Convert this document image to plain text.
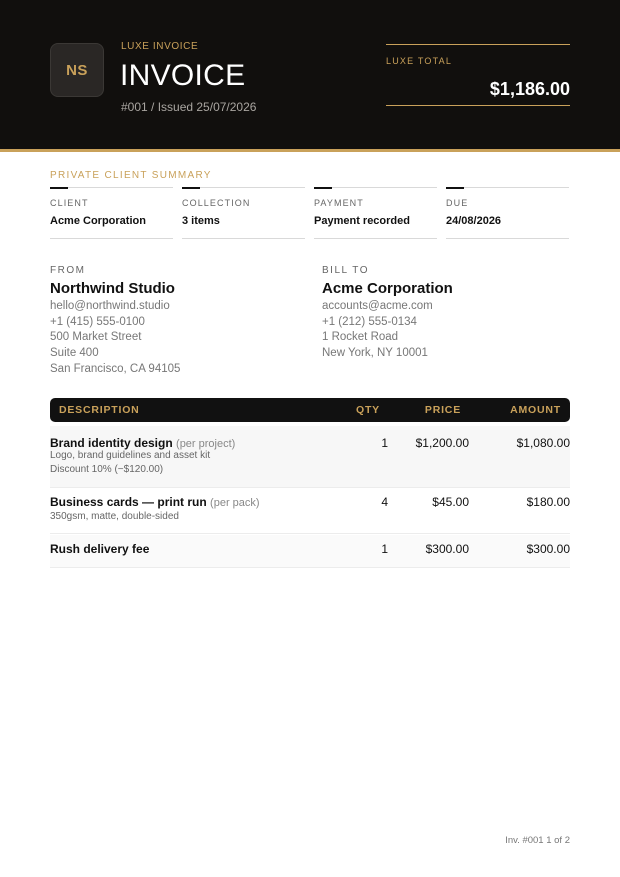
NS
LUXE INVOICE
INVOICE
#001 / Issued 25/07/2026
LUXE TOTAL
$1,186.00
PRIVATE CLIENT SUMMARY
CLIENT
Acme Corporation
COLLECTION
3 items
PAYMENT
Payment recorded
DUE
24/08/2026
FROM
Northwind Studio
hello@northwind.studio
+1 (415) 555-0100
500 Market Street
Suite 400
San Francisco, CA 94105
BILL TO
Acme Corporation
accounts@acme.com
+1 (212) 555-0134
1 Rocket Road
New York, NY 10001
DESCRIPTION	QTY	PRICE	AMOUNT
Brand identity design (per project)
Logo, brand guidelines and asset kit
Discount 10% (−$120.00)
1 $1,200.00	$1,080.00
Business cards — print run (per pack)
350gsm, matte, double-sided
4	$45.00	$180.00
Rush delivery fee	1	$300.00	$300.00
Inv. #001 1 of 2
